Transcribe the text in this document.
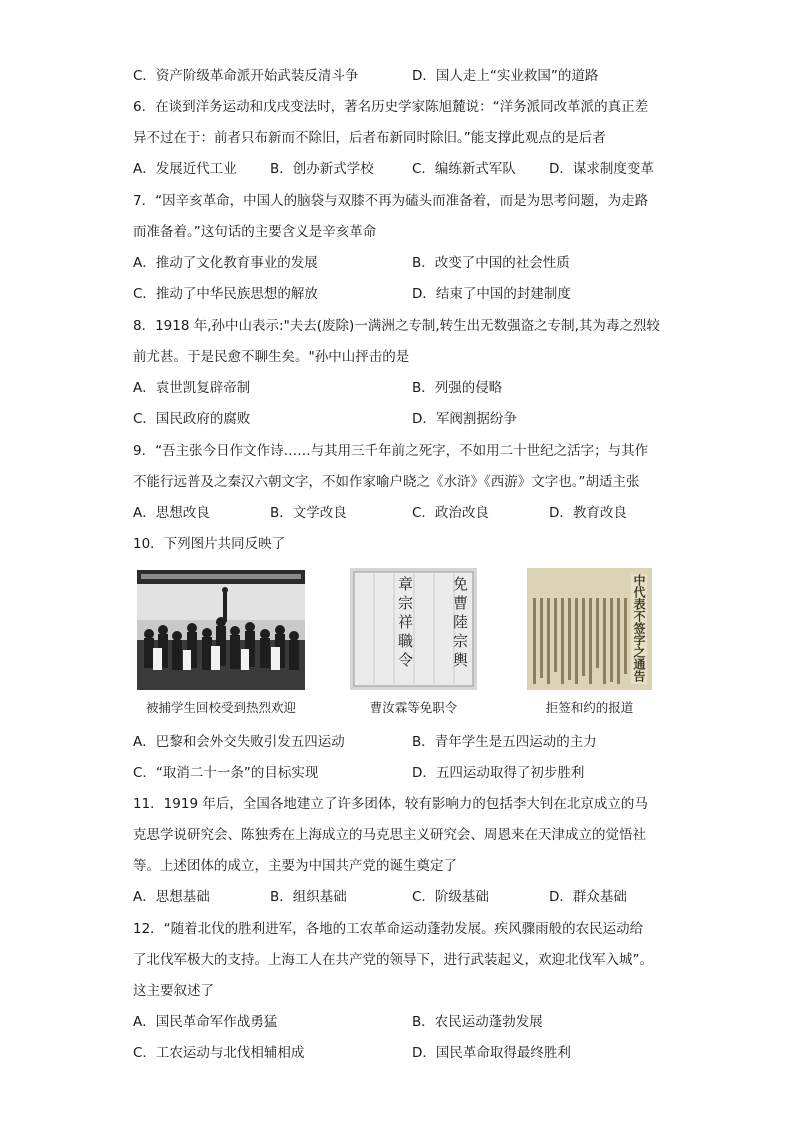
C．资产阶级革命派开始武装反清斗争	D．国人走上“实业救国”的道路
6．在谈到洋务运动和戊戌变法时，著名历史学家陈旭麓说：“洋务派同改革派的真正差
异不过在于：前者只布新而不除旧，后者布新同时除旧。”能支撑此观点的是后者
A．发展近代工业 B．创办新式学校	C．编练新式军队 D．谋求制度变革
7．“因辛亥革命，中国人的脑袋与双膝不再为磕头而准备着，而是为思考问题，为走路
而准备着。”这句话的主要含义是辛亥革命
A．推动了文化教育事业的发展	B．改变了中国的社会性质
C．推动了中华民族思想的解放	D．结束了中国的封建制度
8．1918 年,孙中山表示:"夫去(废除)一满洲之专制,转生出无数强盗之专制,其为毒之烈较
前尤甚。于是民愈不聊生矣。"孙中山抨击的是
A．袁世凯复辟帝制	B．列强的侵略
C．国民政府的腐败	D．军阀割据纷争
9．“吾主张今日作文作诗……与其用三千年前之死字，不如用二十世纪之活字；与其作
不能行远普及之秦汉六朝文字，不如作家喻户晓之《水浒》《西游》文字也。”胡适主张
A．思想改良	B．文学改良	C．政治改良	D．教育改良
10．下列图片共同反映了
免
曹
陸
宗
輿
章
宗
祥
職
令	中代表不签字之通告
被捕学生回校受到热烈欢迎	曹汝霖等免职令	拒签和约的报道
A．巴黎和会外交失败引发五四运动	B．青年学生是五四运动的主力
C．“取消二十一条”的目标实现	D．五四运动取得了初步胜利
11．1919 年后，全国各地建立了许多团体，较有影响力的包括李大钊在北京成立的马
克思学说研究会、陈独秀在上海成立的马克思主义研究会、周恩来在天津成立的觉悟社
等。上述团体的成立，主要为中国共产党的诞生奠定了
A．思想基础	B．组织基础	C．阶级基础	D．群众基础
12．“随着北伐的胜利进军，各地的工农革命运动蓬勃发展。疾风骤雨般的农民运动给
了北伐军极大的支持。上海工人在共产党的领导下，进行武装起义，欢迎北伐军入城”。
这主要叙述了
A．国民革命军作战勇猛	B．农民运动蓬勃发展
C．工农运动与北伐相辅相成	D．国民革命取得最终胜利
